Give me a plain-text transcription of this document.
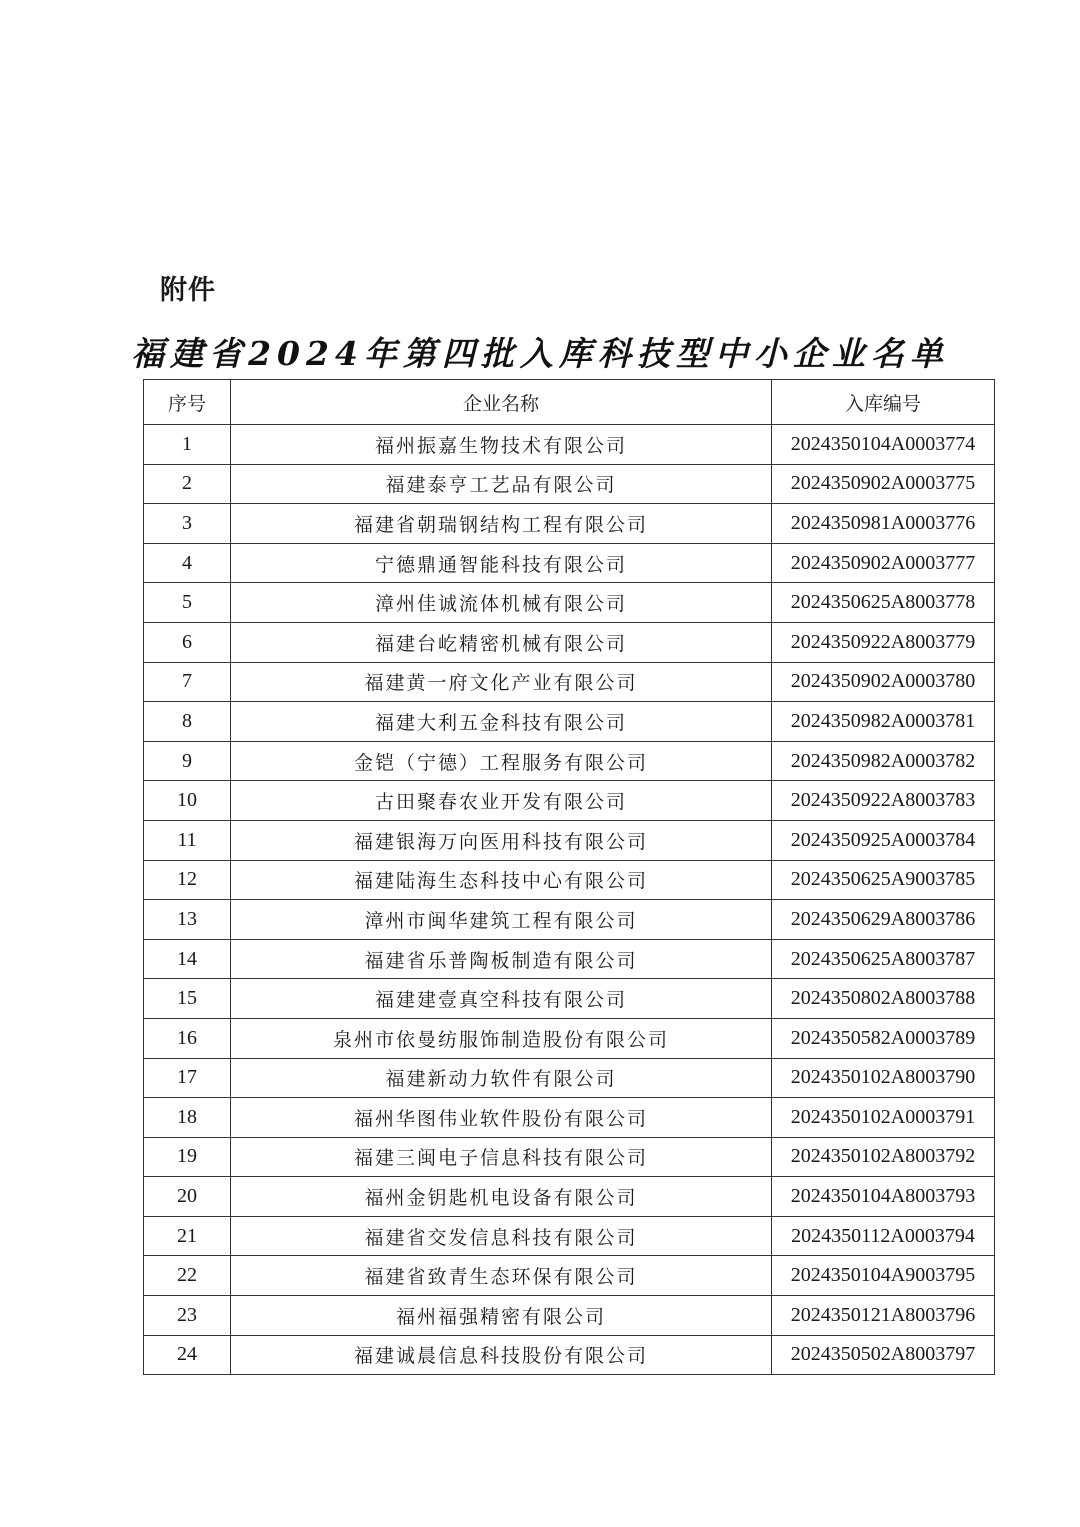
附件
福建省2024年第四批入库科技型中小企业名单
序号	企业名称	入库编号
1	福州振嘉生物技术有限公司	2024350104A0003774
2	福建泰亨工艺品有限公司	2024350902A0003775
3	福建省朝瑞钢结构工程有限公司	2024350981A0003776
4	宁德鼎通智能科技有限公司	2024350902A0003777
5	漳州佳诚流体机械有限公司	2024350625A8003778
6	福建台屹精密机械有限公司	2024350922A8003779
7	福建黄一府文化产业有限公司	2024350902A0003780
8	福建大利五金科技有限公司	2024350982A0003781
9	金铠（宁德）工程服务有限公司	2024350982A0003782
10	古田聚春农业开发有限公司	2024350922A8003783
11	福建银海万向医用科技有限公司	2024350925A0003784
12	福建陆海生态科技中心有限公司	2024350625A9003785
13	漳州市闽华建筑工程有限公司	2024350629A8003786
14	福建省乐普陶板制造有限公司	2024350625A8003787
15	福建建壹真空科技有限公司	2024350802A8003788
16	泉州市依曼纺服饰制造股份有限公司	2024350582A0003789
17	福建新动力软件有限公司	2024350102A8003790
18	福州华图伟业软件股份有限公司	2024350102A0003791
19	福建三闽电子信息科技有限公司	2024350102A8003792
20	福州金钥匙机电设备有限公司	2024350104A8003793
21	福建省交发信息科技有限公司	2024350112A0003794
22	福建省致青生态环保有限公司	2024350104A9003795
23	福州福强精密有限公司	2024350121A8003796
24	福建诚晨信息科技股份有限公司	2024350502A8003797
